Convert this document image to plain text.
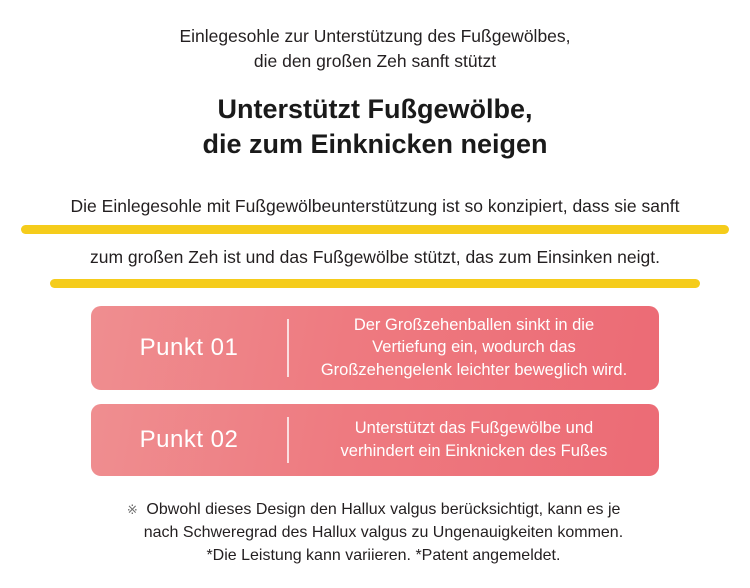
Einlegesohle zur Unterstützung des Fußgewölbes,
die den großen Zeh sanft stützt
Unterstützt Fußgewölbe,
die zum Einknicken neigen
Die Einlegesohle mit Fußgewölbeunterstützung ist so konzipiert, dass sie sanft
zum großen Zeh ist und das Fußgewölbe stützt, das zum Einsinken neigt.
Punkt 01
Der Großzehenballen sinkt in die
Vertiefung ein, wodurch das
Großzehengelenk leichter beweglich wird.
Punkt 02	Unterstützt das Fußgewölbe und
verhindert ein Einknicken des Fußes
※ Obwohl dieses Design den Hallux valgus berücksichtigt, kann es je
nach Schweregrad des Hallux valgus zu Ungenauigkeiten kommen.
*Die Leistung kann variieren. *Patent angemeldet.
